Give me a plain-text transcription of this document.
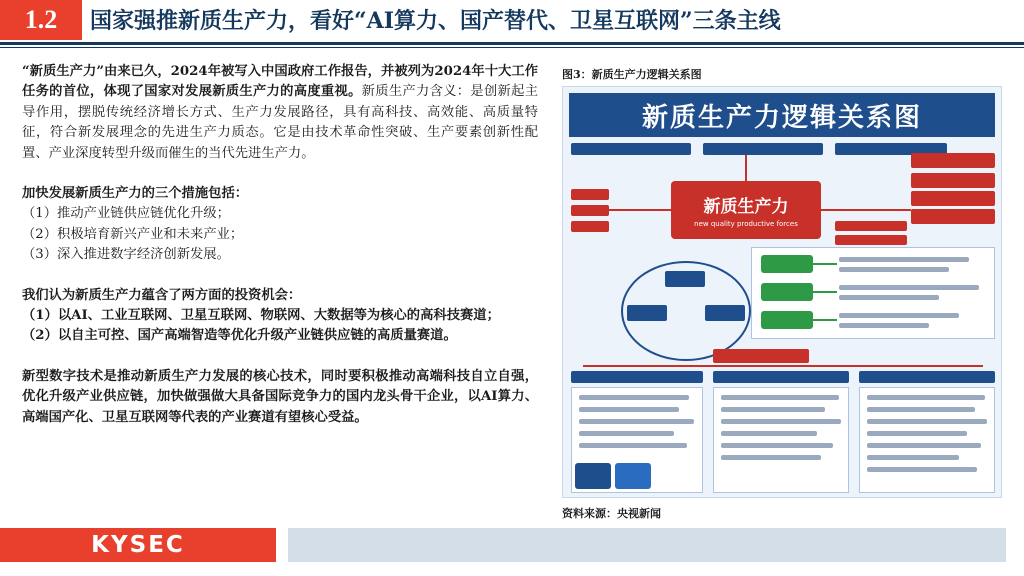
1.2	国家强推新质生产力，看好“AI算力、国产替代、卫星互联网”三条主线

“新质生产力”由来已久，2024年被写入中国政府工作报告，并被列为2024年十大工作任务的首位，体现了国家对发展新质生产力的高度重视。新质生产力含义：是创新起主导作用，摆脱传统经济增长方式、生产力发展路径，具有高科技、高效能、高质量特征，符合新发展理念的先进生产力质态。它是由技术革命性突破、生产要素创新性配置、产业深度转型升级而催生的当代先进生产力。

加快发展新质生产力的三个措施包括：

（1）推动产业链供应链优化升级；

（2）积极培育新兴产业和未来产业；

（3）深入推进数字经济创新发展。

我们认为新质生产力蕴含了两方面的投资机会：

（1）以AI、工业互联网、卫星互联网、物联网、大数据等为核心的高科技赛道；

（2）以自主可控、国产高端智造等优化升级产业链供应链的高质量赛道。

新型数字技术是推动新质生产力发展的核心技术，同时要积极推动高端科技自立自强，优化升级产业供应链，加快做强做大具备国际竞争力的国内龙头骨干企业，以AI算力、高端国产化、卫星互联网等代表的产业赛道有望核心受益。

图3：新质生产力逻辑关系图
新质生产力逻辑关系图
新质生产力
new quality productive forces
资料来源：央视新闻
KYSEC
